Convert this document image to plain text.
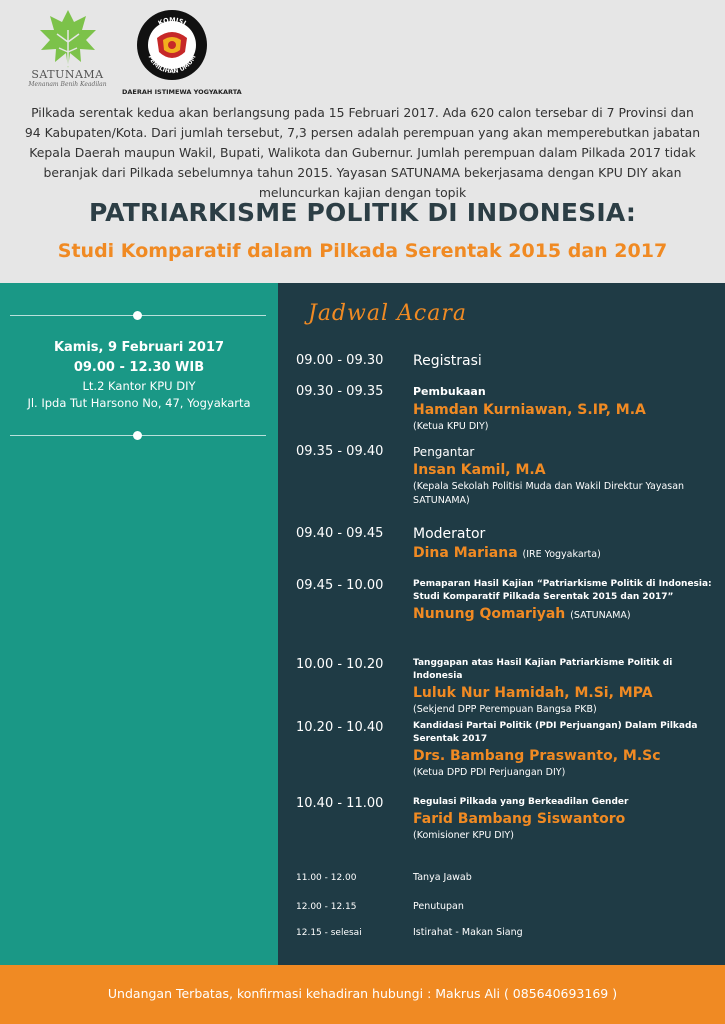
SATUNAMA
Menanam Benih Keadilan
KOMISI
PEMILIHAN UMUM
DAERAH ISTIMEWA YOGYAKARTA

Pilkada serentak kedua akan berlangsung pada 15 Februari 2017. Ada 620 calon tersebar di 7 Provinsi dan 94 Kabupaten/Kota. Dari jumlah tersebut, 7,3 persen adalah perempuan yang akan memperebutkan jabatan Kepala Daerah maupun Wakil, Bupati, Walikota dan Gubernur. Jumlah perempuan dalam Pilkada 2017 tidak beranjak dari Pilkada sebelumnya tahun 2015. Yayasan SATUNAMA bekerjasama dengan KPU DIY akan meluncurkan kajian dengan topik

PATRIARKISME POLITIK DI INDONESIA:
Studi Komparatif dalam Pilkada Serentak 2015 dan 2017
Kamis, 9 Februari 2017
09.00 - 12.30 WIB
Lt.2 Kantor KPU DIY
Jl. Ipda Tut Harsono No, 47, Yogyakarta
Jadwal Acara
09.00 - 09.30 Registrasi
09.30 - 09.35	Pembukaan
Hamdan Kurniawan, S.IP, M.A
(Ketua KPU DIY)
09.35 - 09.40 Pengantar
Insan Kamil, M.A
(Kepala Sekolah Politisi Muda dan Wakil Direktur Yayasan SATUNAMA)
09.40 - 09.45 Moderator
Dina Mariana (IRE Yogyakarta)
09.45 - 10.00	Pemaparan Hasil Kajian “Patriarkisme Politik di Indonesia: Studi Komparatif Pilkada Serentak 2015 dan 2017”
Nunung Qomariyah (SATUNAMA)
10.00 - 10.20	Tanggapan atas Hasil Kajian Patriarkisme Politik di Indonesia
Luluk Nur Hamidah, M.Si, MPA
(Sekjend DPP Perempuan Bangsa PKB)
10.20 - 10.40	Kandidasi Partai Politik (PDI Perjuangan) Dalam Pilkada Serentak 2017
Drs. Bambang Praswanto, M.Sc
(Ketua DPD PDI Perjuangan DIY)
10.40 - 11.00	Regulasi Pilkada yang Berkeadilan Gender
Farid Bambang Siswantoro
(Komisioner KPU DIY)
11.00 - 12.00	Tanya Jawab
12.00 - 12.15	Penutupan
12.15 - selesai	Istirahat - Makan Siang
Undangan Terbatas, konfirmasi kehadiran hubungi : Makrus Ali ( 085640693169 )
